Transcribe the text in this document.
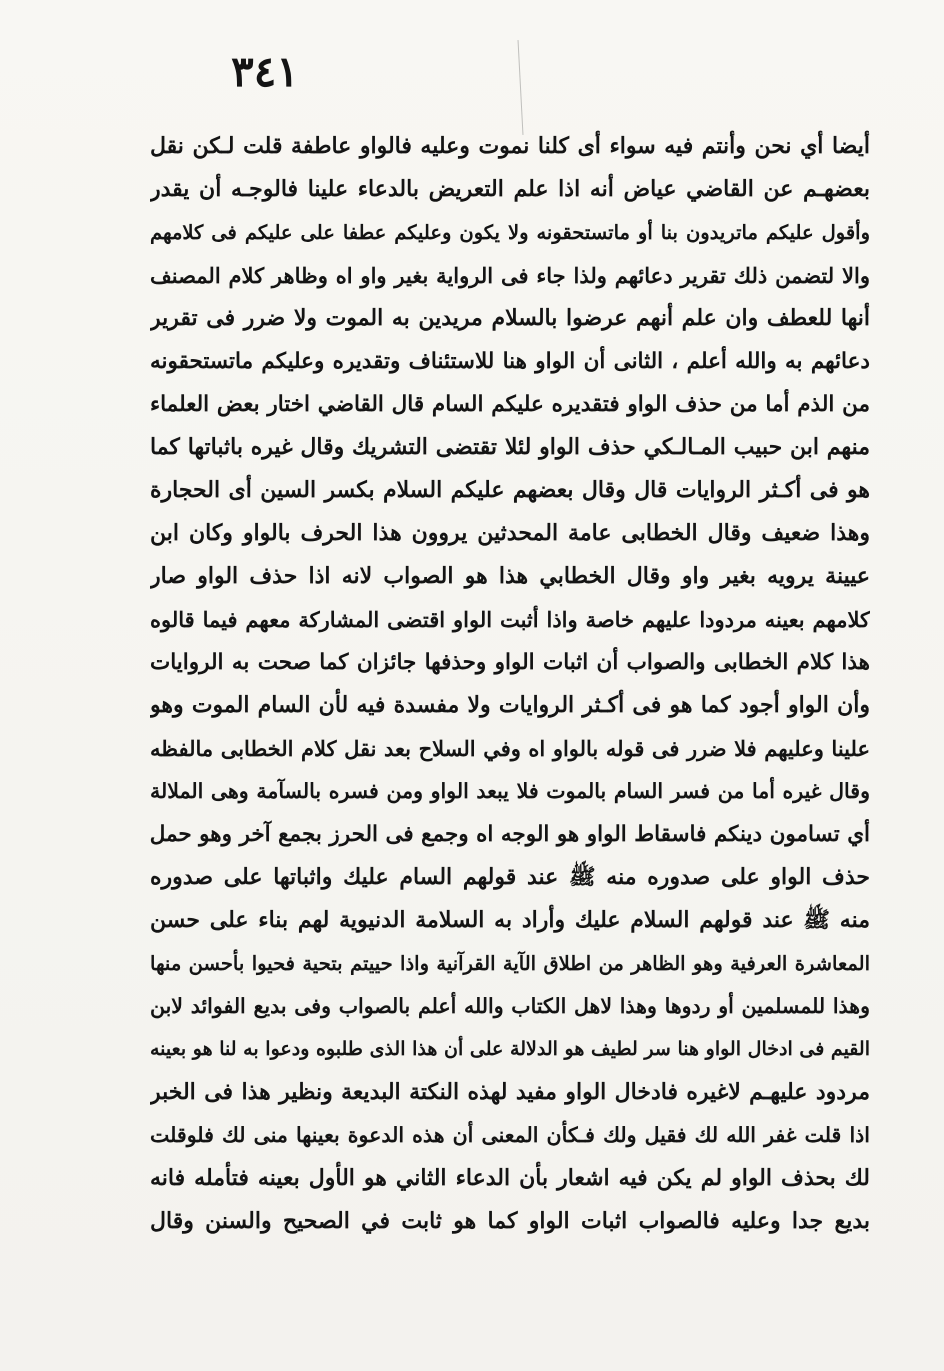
٣٤١
أيضا أي نحن وأنتم فيه سواء أى كلنا نموت وعليه فالواو عاطفة قلت لـكن نقل
بعضهـم عن القاضي عياض أنه اذا علم التعريض بالدعاء علينا فالوجـه أن يقدر
وأقول عليكم ماتريدون بنا أو ماتستحقونه ولا يكون وعليكم عطفا على عليكم فى كلامهم
والا لتضمن ذلك تقرير دعائهم ولذا جاء فى الرواية بغير واو اه وظاهر كلام المصنف
أنها للعطف وان علم أنهم عرضوا بالسلام مريدين به الموت ولا ضرر فى تقرير
دعائهم به والله أعلم ، الثانى أن الواو هنا للاستئناف وتقديره وعليكم ماتستحقونه
من الذم أما من حذف الواو فتقديره عليكم السام قال القاضي اختار بعض العلماء
منهم ابن حبيب المـالـكي حذف الواو لئلا تقتضى التشريك وقال غيره باثباتها كما
هو فى أكـثر الروايات قال وقال بعضهم عليكم السلام بكسر السين أى الحجارة
وهذا ضعيف وقال الخطابى عامة المحدثين يروون هذا الحرف بالواو وكان ابن
عيينة يرويه بغير واو وقال الخطابي هذا هو الصواب لانه اذا حذف الواو صار
كلامهم بعينه مردودا عليهم خاصة واذا أثبت الواو اقتضى المشاركة معهم فيما قالوه
هذا كلام الخطابى والصواب أن اثبات الواو وحذفها جائزان كما صحت به الروايات
وأن الواو أجود كما هو فى أكـثر الروايات ولا مفسدة فيه لأن السام الموت وهو
علينا وعليهم فلا ضرر فى قوله بالواو اه وفي السلاح بعد نقل كلام الخطابى مالفظه
وقال غيره أما من فسر السام بالموت فلا يبعد الواو ومن فسره بالسآمة وهى الملالة
أي تسامون دينكم فاسقاط الواو هو الوجه اه وجمع فى الحرز بجمع آخر وهو حمل
حذف الواو على صدوره منه ﷺ عند قولهم السام عليك واثباتها على صدوره
منه ﷺ عند قولهم السلام عليك وأراد به السلامة الدنيوية لهم بناء على حسن
المعاشرة العرفية وهو الظاهر من اطلاق الآية القرآنية واذا حييتم بتحية فحيوا بأحسن منها
وهذا للمسلمين أو ردوها وهذا لاهل الكتاب والله أعلم بالصواب وفى بديع الفوائد لابن
القيم فى ادخال الواو هنا سر لطيف هو الدلالة على أن هذا الذى طلبوه ودعوا به لنا هو بعينه
مردود عليهـم لاغيره فادخال الواو مفيد لهذه النكتة البديعة ونظير هذا فى الخبر
اذا قلت غفر الله لك فقيل ولك فـكأن المعنى أن هذه الدعوة بعينها منى لك فلوقلت
لك بحذف الواو لم يكن فيه اشعار بأن الدعاء الثاني هو الأول بعينه فتأمله فانه
بديع جدا وعليه فالصواب اثبات الواو كما هو ثابت في الصحيح والسنن وقال
